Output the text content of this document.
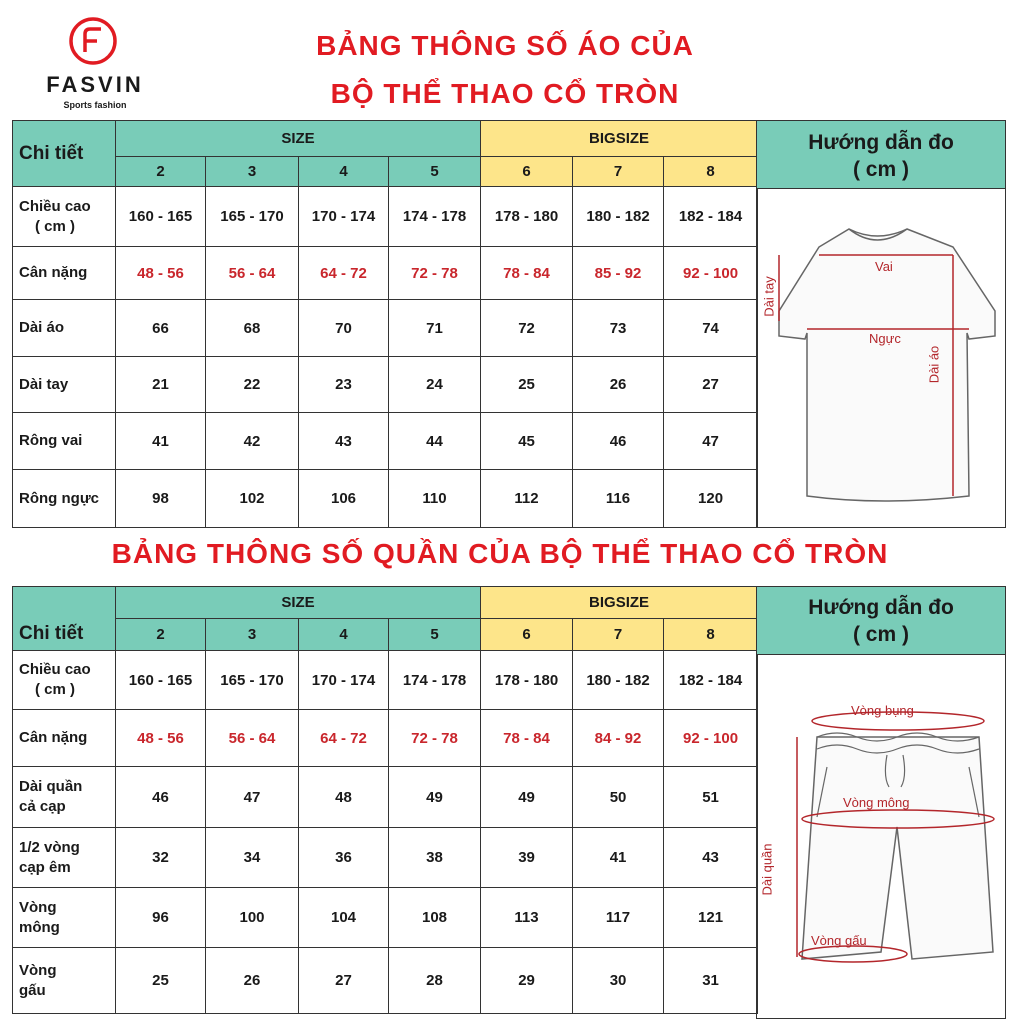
FASVIN
Sports fashion
BẢNG THÔNG SỐ ÁO CỦA
BỘ THỂ THAO CỔ TRÒN
BẢNG THÔNG SỐ QUẦN CỦA BỘ THỂ THAO CỔ TRÒN
Chi tiết	SIZE				BIGSIZE		
	2	3	4	5	6	7	8

Chiều cao
( cm )	160 - 165	165 - 170	170 - 174	174 - 178	178 - 180	180 - 182	182 - 184
Cân nặng	48 - 56	56 - 64	64 - 72	72 - 78	78 - 84	85 - 92	92 - 100
Dài áo	66	68	70	71	72	73	74
Dài tay	21	22	23	24	25	26	27
Rông vai	41	42	43	44	45	46	47
Rông ngực	98	102	106	110	112	116	120
Hướng dẫn đo
( cm )
Vai
Ngực
Dài tay
Dài áo
Chi tiết	SIZE				BIGSIZE		
	2	3	4	5	6	7	8

Chiều cao
( cm )	160 - 165	165 - 170	170 - 174	174 - 178	178 - 180	180 - 182	182 - 184
Cân nặng	48 - 56	56 - 64	64 - 72	72 - 78	78 - 84	84 - 92	92 - 100

Dài quần
cả cạp	46	47	48	49	49	50	51

1/2 vòng
cạp êm	32	34	36	38	39	41	43

Vòng
mông	96	100	104	108	113	117	121

Vòng
gấu	25	26	27	28	29	30	31
Hướng dẫn đo
( cm )
Vòng bụng
Vòng mông
Dài quần
Vòng gấu
